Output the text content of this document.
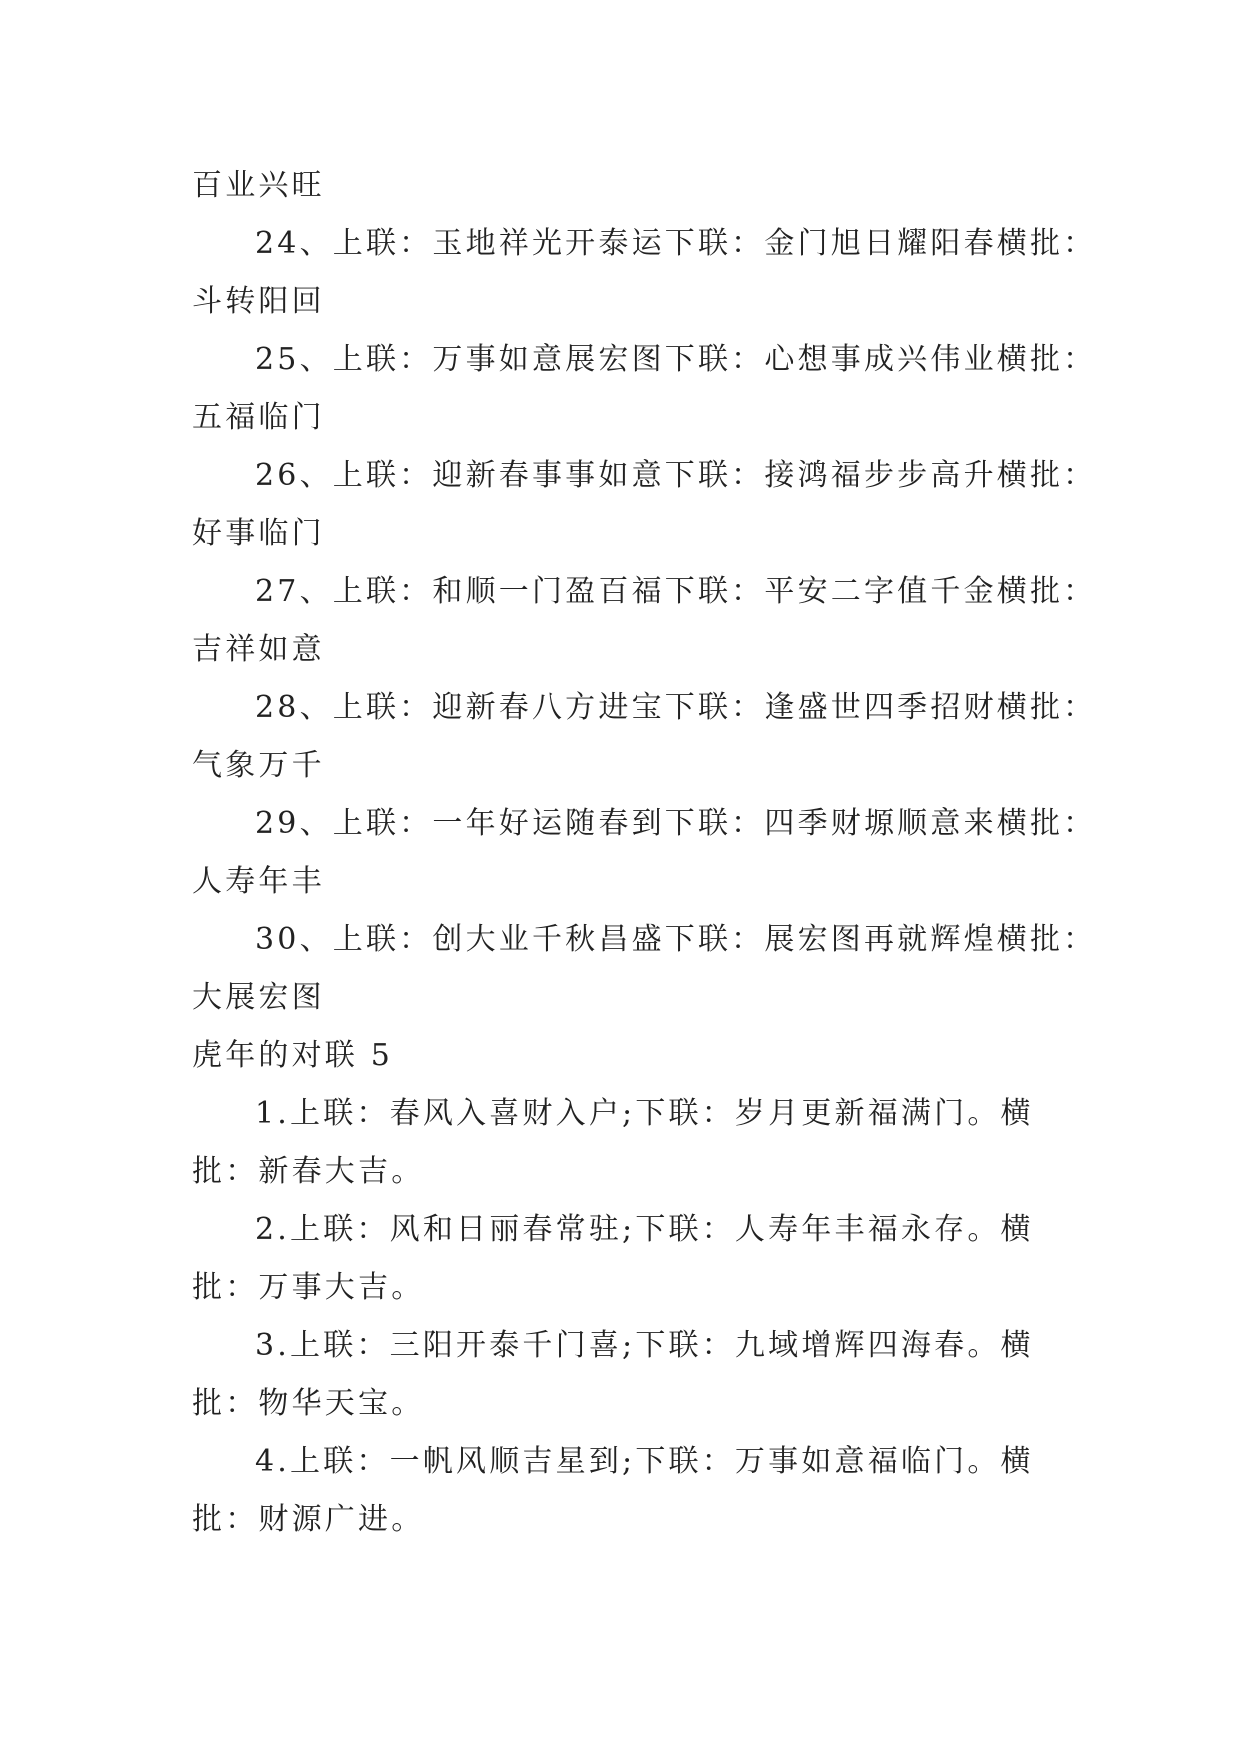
百业兴旺
24、上联：玉地祥光开泰运下联：金门旭日耀阳春横批：
斗转阳回
25、上联：万事如意展宏图下联：心想事成兴伟业横批：
五福临门
26、上联：迎新春事事如意下联：接鸿福步步高升横批：
好事临门
27、上联：和顺一门盈百福下联：平安二字值千金横批：
吉祥如意
28、上联：迎新春八方进宝下联：逢盛世四季招财横批：
气象万千
29、上联：一年好运随春到下联：四季财塬顺意来横批：
人寿年丰
30、上联：创大业千秋昌盛下联：展宏图再就辉煌横批：
大展宏图
虎年的对联 5
1.上联：春风入喜财入户;下联：岁月更新福满门。横
批：新春大吉。
2.上联：风和日丽春常驻;下联：人寿年丰福永存。横
批：万事大吉。
3.上联：三阳开泰千门喜;下联：九域增辉四海春。横
批：物华天宝。
4.上联：一帆风顺吉星到;下联：万事如意福临门。横
批：财源广进。
